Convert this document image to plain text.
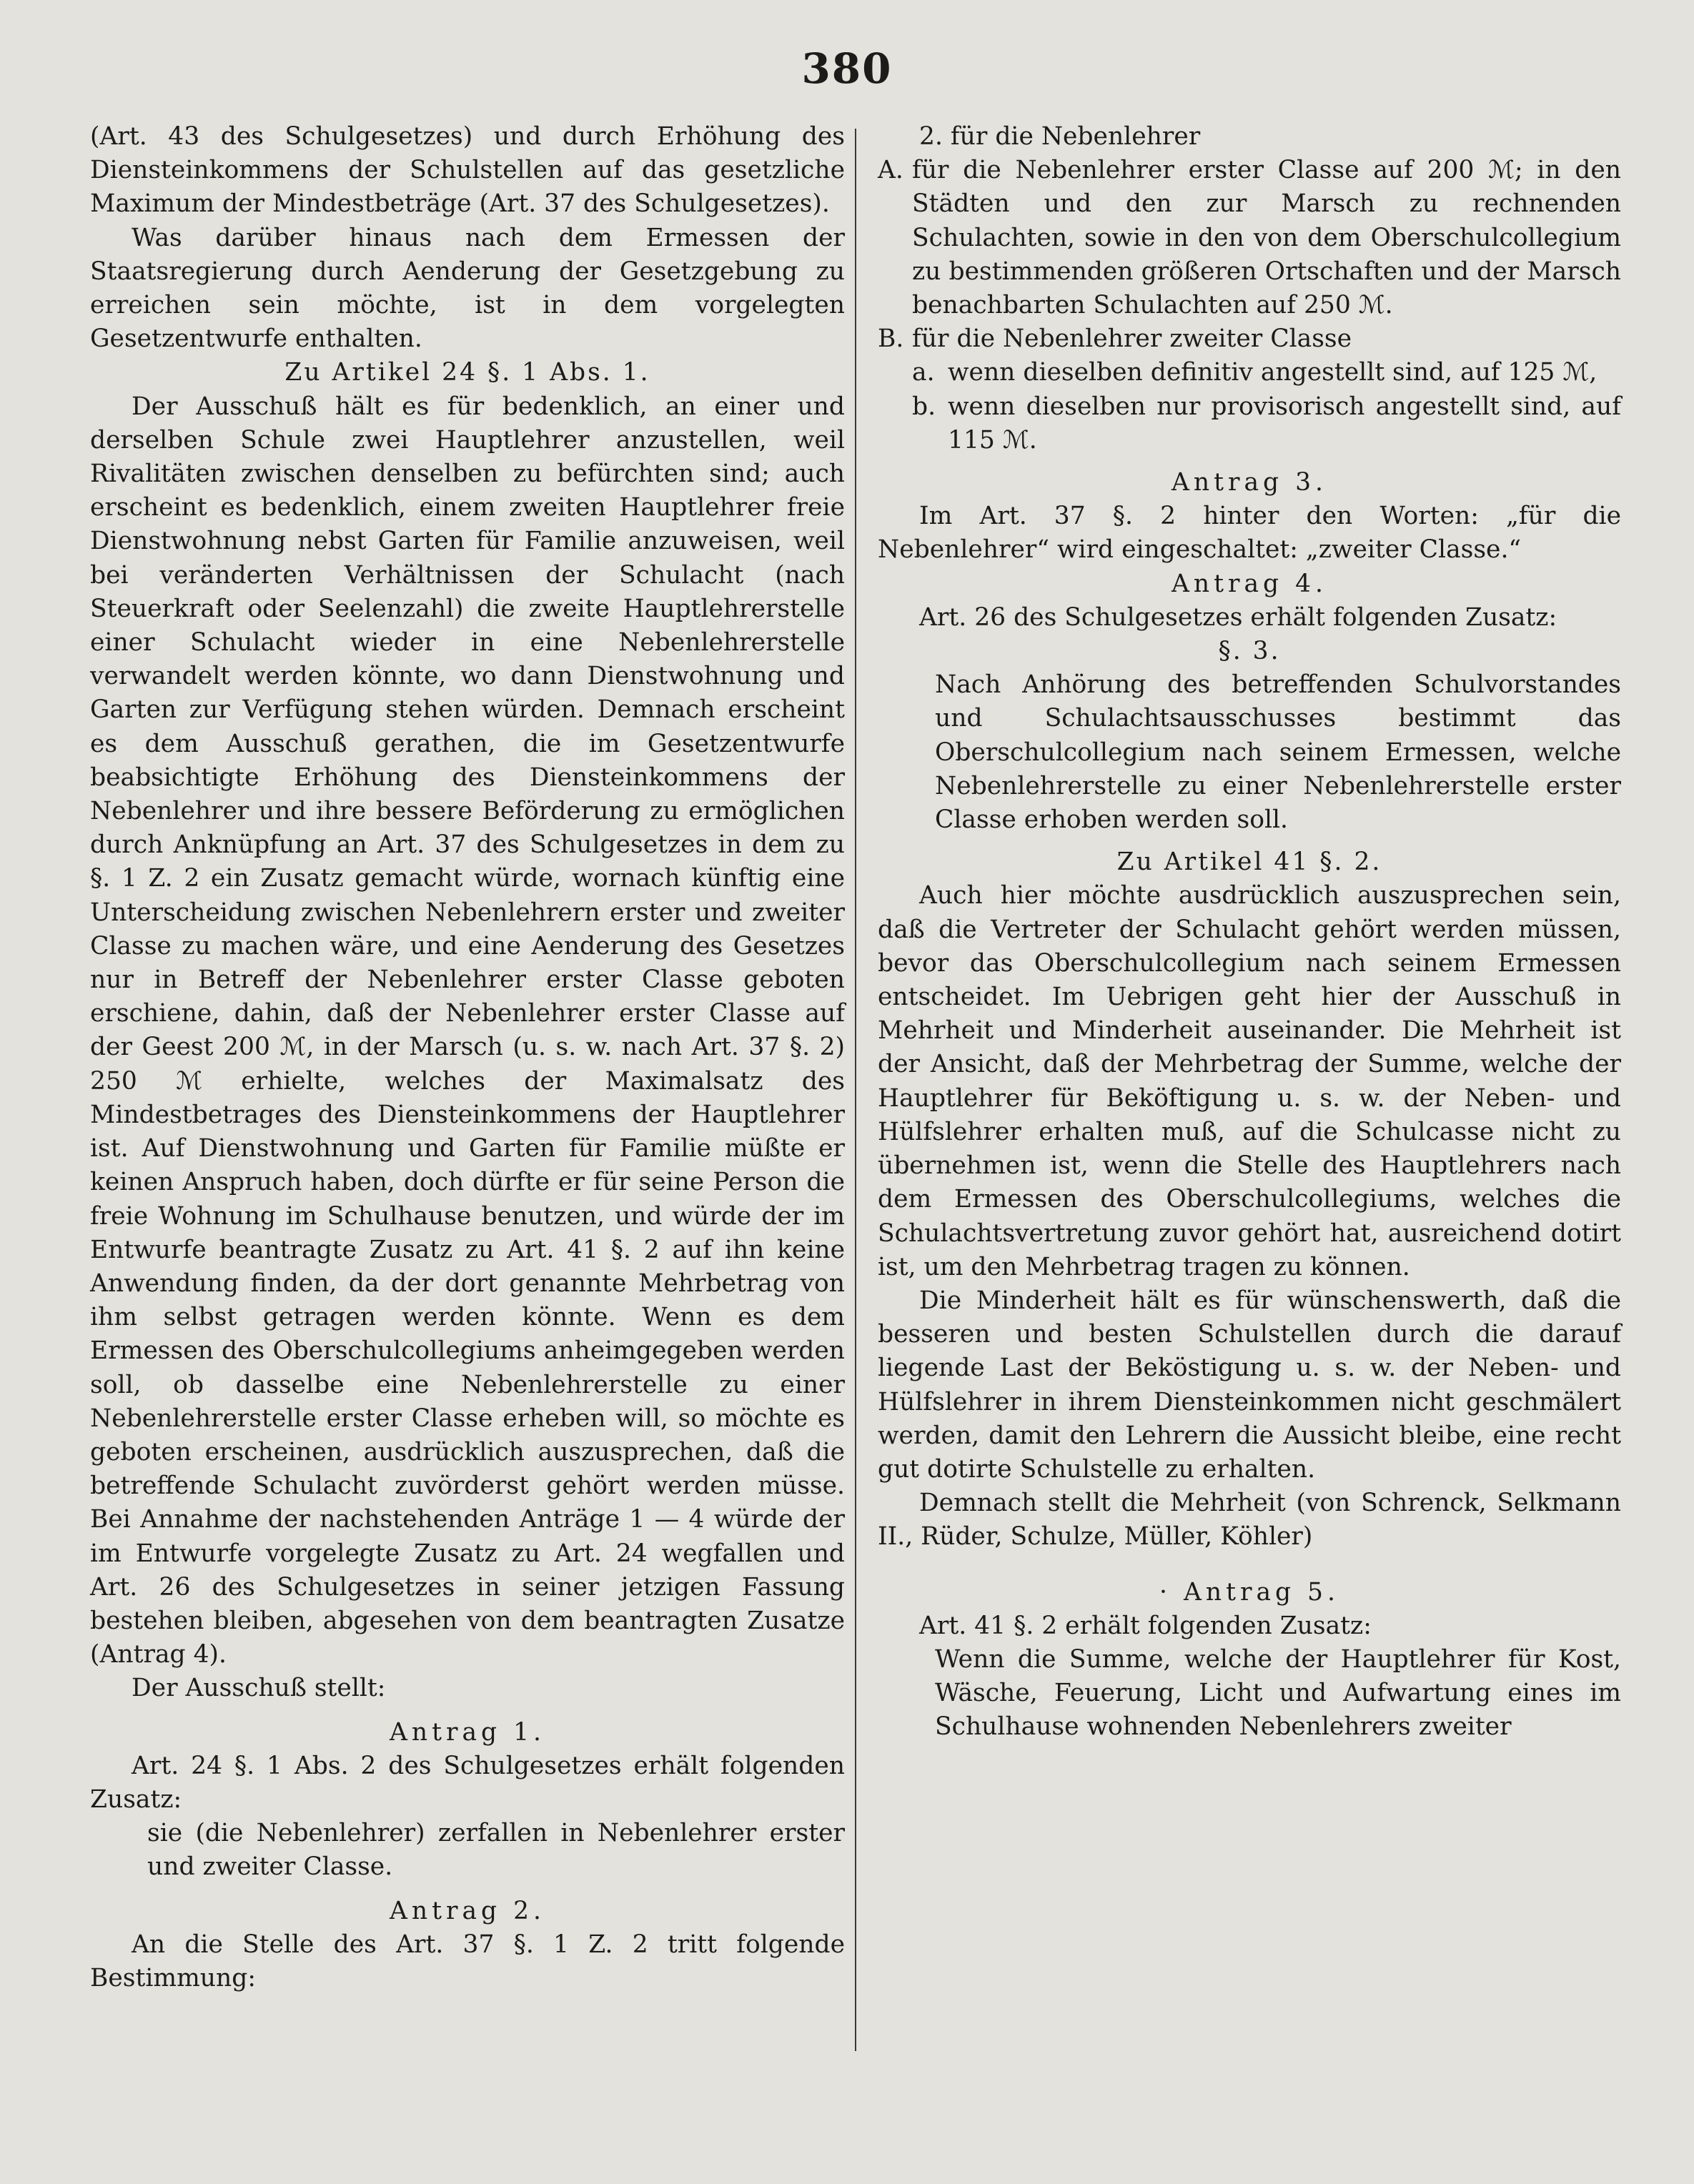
380

(Art. 43 des Schulgesetzes) und durch Erhöhung des Diensteinkommens der Schulstellen auf das gesetzliche Maximum der Mindestbeträge (Art. 37 des Schulgesetzes).

Was darüber hinaus nach dem Ermessen der Staatsregierung durch Aenderung der Gesetzgebung zu erreichen sein möchte, ist in dem vorgelegten Gesetzentwurfe enthalten.

Zu Artikel 24 §. 1 Abs. 1.

Der Ausschuß hält es für bedenklich, an einer und derselben Schule zwei Hauptlehrer anzustellen, weil Rivalitäten zwischen denselben zu befürchten sind; auch erscheint es bedenklich, einem zweiten Hauptlehrer freie Dienstwohnung nebst Garten für Familie anzuweisen, weil bei veränderten Verhältnissen der Schulacht (nach Steuerkraft oder Seelenzahl) die zweite Hauptlehrerstelle einer Schulacht wieder in eine Nebenlehrerstelle verwandelt werden könnte, wo dann Dienstwohnung und Garten zur Verfügung stehen würden. Demnach erscheint es dem Ausschuß gerathen, die im Gesetzentwurfe beabsichtigte Erhöhung des Diensteinkommens der Nebenlehrer und ihre bessere Beförderung zu ermöglichen durch Anknüpfung an Art. 37 des Schulgesetzes in dem zu §. 1 Z. 2 ein Zusatz gemacht würde, wornach künftig eine Unterscheidung zwischen Nebenlehrern erster und zweiter Classe zu machen wäre, und eine Aenderung des Gesetzes nur in Betreff der Nebenlehrer erster Classe geboten erschiene, dahin, daß der Nebenlehrer erster Classe auf der Geest 200 ℳ, in der Marsch (u. s. w. nach Art. 37 §. 2) 250 ℳ erhielte, welches der Maximalsatz des Mindestbetrages des Diensteinkommens der Hauptlehrer ist. Auf Dienstwohnung und Garten für Familie müßte er keinen Anspruch haben, doch dürfte er für seine Person die freie Wohnung im Schulhause benutzen, und würde der im Entwurfe beantragte Zusatz zu Art. 41 §. 2 auf ihn keine Anwendung finden, da der dort genannte Mehrbetrag von ihm selbst getragen werden könnte. Wenn es dem Ermessen des Oberschulcollegiums anheimgegeben werden soll, ob dasselbe eine Nebenlehrerstelle zu einer Nebenlehrerstelle erster Classe erheben will, so möchte es geboten erscheinen, ausdrücklich auszusprechen, daß die betreffende Schulacht zuvörderst gehört werden müsse. Bei Annahme der nachstehenden Anträge 1 — 4 würde der im Entwurfe vorgelegte Zusatz zu Art. 24 wegfallen und Art. 26 des Schulgesetzes in seiner jetzigen Fassung bestehen bleiben, abgesehen von dem beantragten Zusatze (Antrag 4).

Der Ausschuß stellt:

Antrag 1.

Art. 24 §. 1 Abs. 2 des Schulgesetzes erhält folgenden Zusatz:

sie (die Nebenlehrer) zerfallen in Nebenlehrer erster und zweiter Classe.

Antrag 2.

An die Stelle des Art. 37 §. 1 Z. 2 tritt folgende Bestimmung:

2. für die Nebenlehrer

A. für die Nebenlehrer erster Classe auf 200 ℳ; in den Städten und den zur Marsch zu rechnenden Schulachten, sowie in den von dem Oberschulcollegium zu bestimmenden größeren Ortschaften und der Marsch benachbarten Schulachten auf 250 ℳ.
B. für die Nebenlehrer zweiter Classe
a. wenn dieselben definitiv angestellt sind, auf 125 ℳ,
b. wenn dieselben nur provisorisch angestellt sind, auf 115 ℳ.

Antrag 3.

Im Art. 37 §. 2 hinter den Worten: „für die Nebenlehrer“ wird eingeschaltet: „zweiter Classe.“

Antrag 4.

Art. 26 des Schulgesetzes erhält folgenden Zusatz:

§. 3.

Nach Anhörung des betreffenden Schulvorstandes und Schulachtsausschusses bestimmt das Oberschulcollegium nach seinem Ermessen, welche Nebenlehrerstelle zu einer Nebenlehrerstelle erster Classe erhoben werden soll.

Zu Artikel 41 §. 2.

Auch hier möchte ausdrücklich auszusprechen sein, daß die Vertreter der Schulacht gehört werden müssen, bevor das Oberschulcollegium nach seinem Ermessen entscheidet. Im Uebrigen geht hier der Ausschuß in Mehrheit und Minderheit auseinander. Die Mehrheit ist der Ansicht, daß der Mehrbetrag der Summe, welche der Hauptlehrer für Beköftigung u. s. w. der Neben- und Hülfslehrer erhalten muß, auf die Schulcasse nicht zu übernehmen ist, wenn die Stelle des Hauptlehrers nach dem Ermessen des Oberschulcollegiums, welches die Schulachtsvertretung zuvor gehört hat, ausreichend dotirt ist, um den Mehrbetrag tragen zu können.

Die Minderheit hält es für wünschenswerth, daß die besseren und besten Schulstellen durch die darauf liegende Last der Beköstigung u. s. w. der Neben- und Hülfslehrer in ihrem Diensteinkommen nicht geschmälert werden, damit den Lehrern die Aussicht bleibe, eine recht gut dotirte Schulstelle zu erhalten.

Demnach stellt die Mehrheit (von Schrenck, Selkmann II., Rüder, Schulze, Müller, Köhler)

· Antrag 5.

Art. 41 §. 2 erhält folgenden Zusatz:

Wenn die Summe, welche der Hauptlehrer für Kost, Wäsche, Feuerung, Licht und Aufwartung eines im Schulhause wohnenden Nebenlehrers zweiter
